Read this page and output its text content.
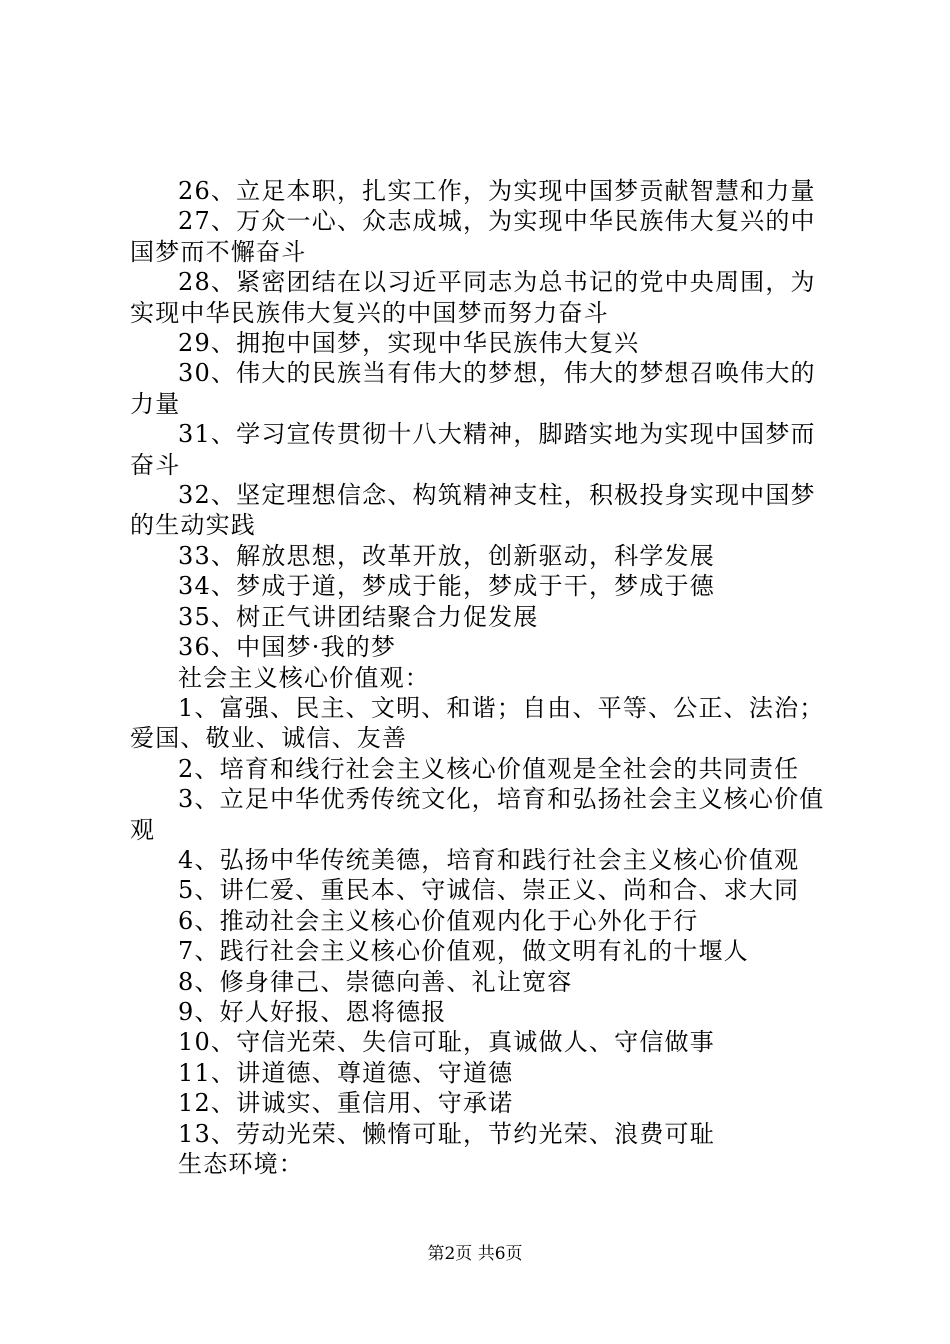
26、立足本职，扎实工作，为实现中国梦贡献智慧和力量

27、万众一心、众志成城，为实现中华民族伟大复兴的中国梦而不懈奋斗

28、紧密团结在以习近平同志为总书记的党中央周围，为实现中华民族伟大复兴的中国梦而努力奋斗

29、拥抱中国梦，实现中华民族伟大复兴

30、伟大的民族当有伟大的梦想，伟大的梦想召唤伟大的力量

31、学习宣传贯彻十八大精神，脚踏实地为实现中国梦而奋斗

32、坚定理想信念、构筑精神支柱，积极投身实现中国梦的生动实践

33、解放思想，改革开放，创新驱动，科学发展

34、梦成于道，梦成于能，梦成于干，梦成于德

35、树正气讲团结聚合力促发展

36、中国梦·我的梦

社会主义核心价值观：

1、富强、民主、文明、和谐；自由、平等、公正、法治；爱国、敬业、诚信、友善

2、培育和线行社会主义核心价值观是全社会的共同责任

3、立足中华优秀传统文化，培育和弘扬社会主义核心价值观

4、弘扬中华传统美德，培育和践行社会主义核心价值观

5、讲仁爱、重民本、守诚信、崇正义、尚和合、求大同

6、推动社会主义核心价值观内化于心外化于行

7、践行社会主义核心价值观，做文明有礼的十堰人

8、修身律己、崇德向善、礼让宽容

9、好人好报、恩将德报

10、守信光荣、失信可耻，真诚做人、守信做事

11、讲道德、尊道德、守道德

12、讲诚实、重信用、守承诺

13、劳动光荣、懒惰可耻，节约光荣、浪费可耻

生态环境：

第2页 共6页
